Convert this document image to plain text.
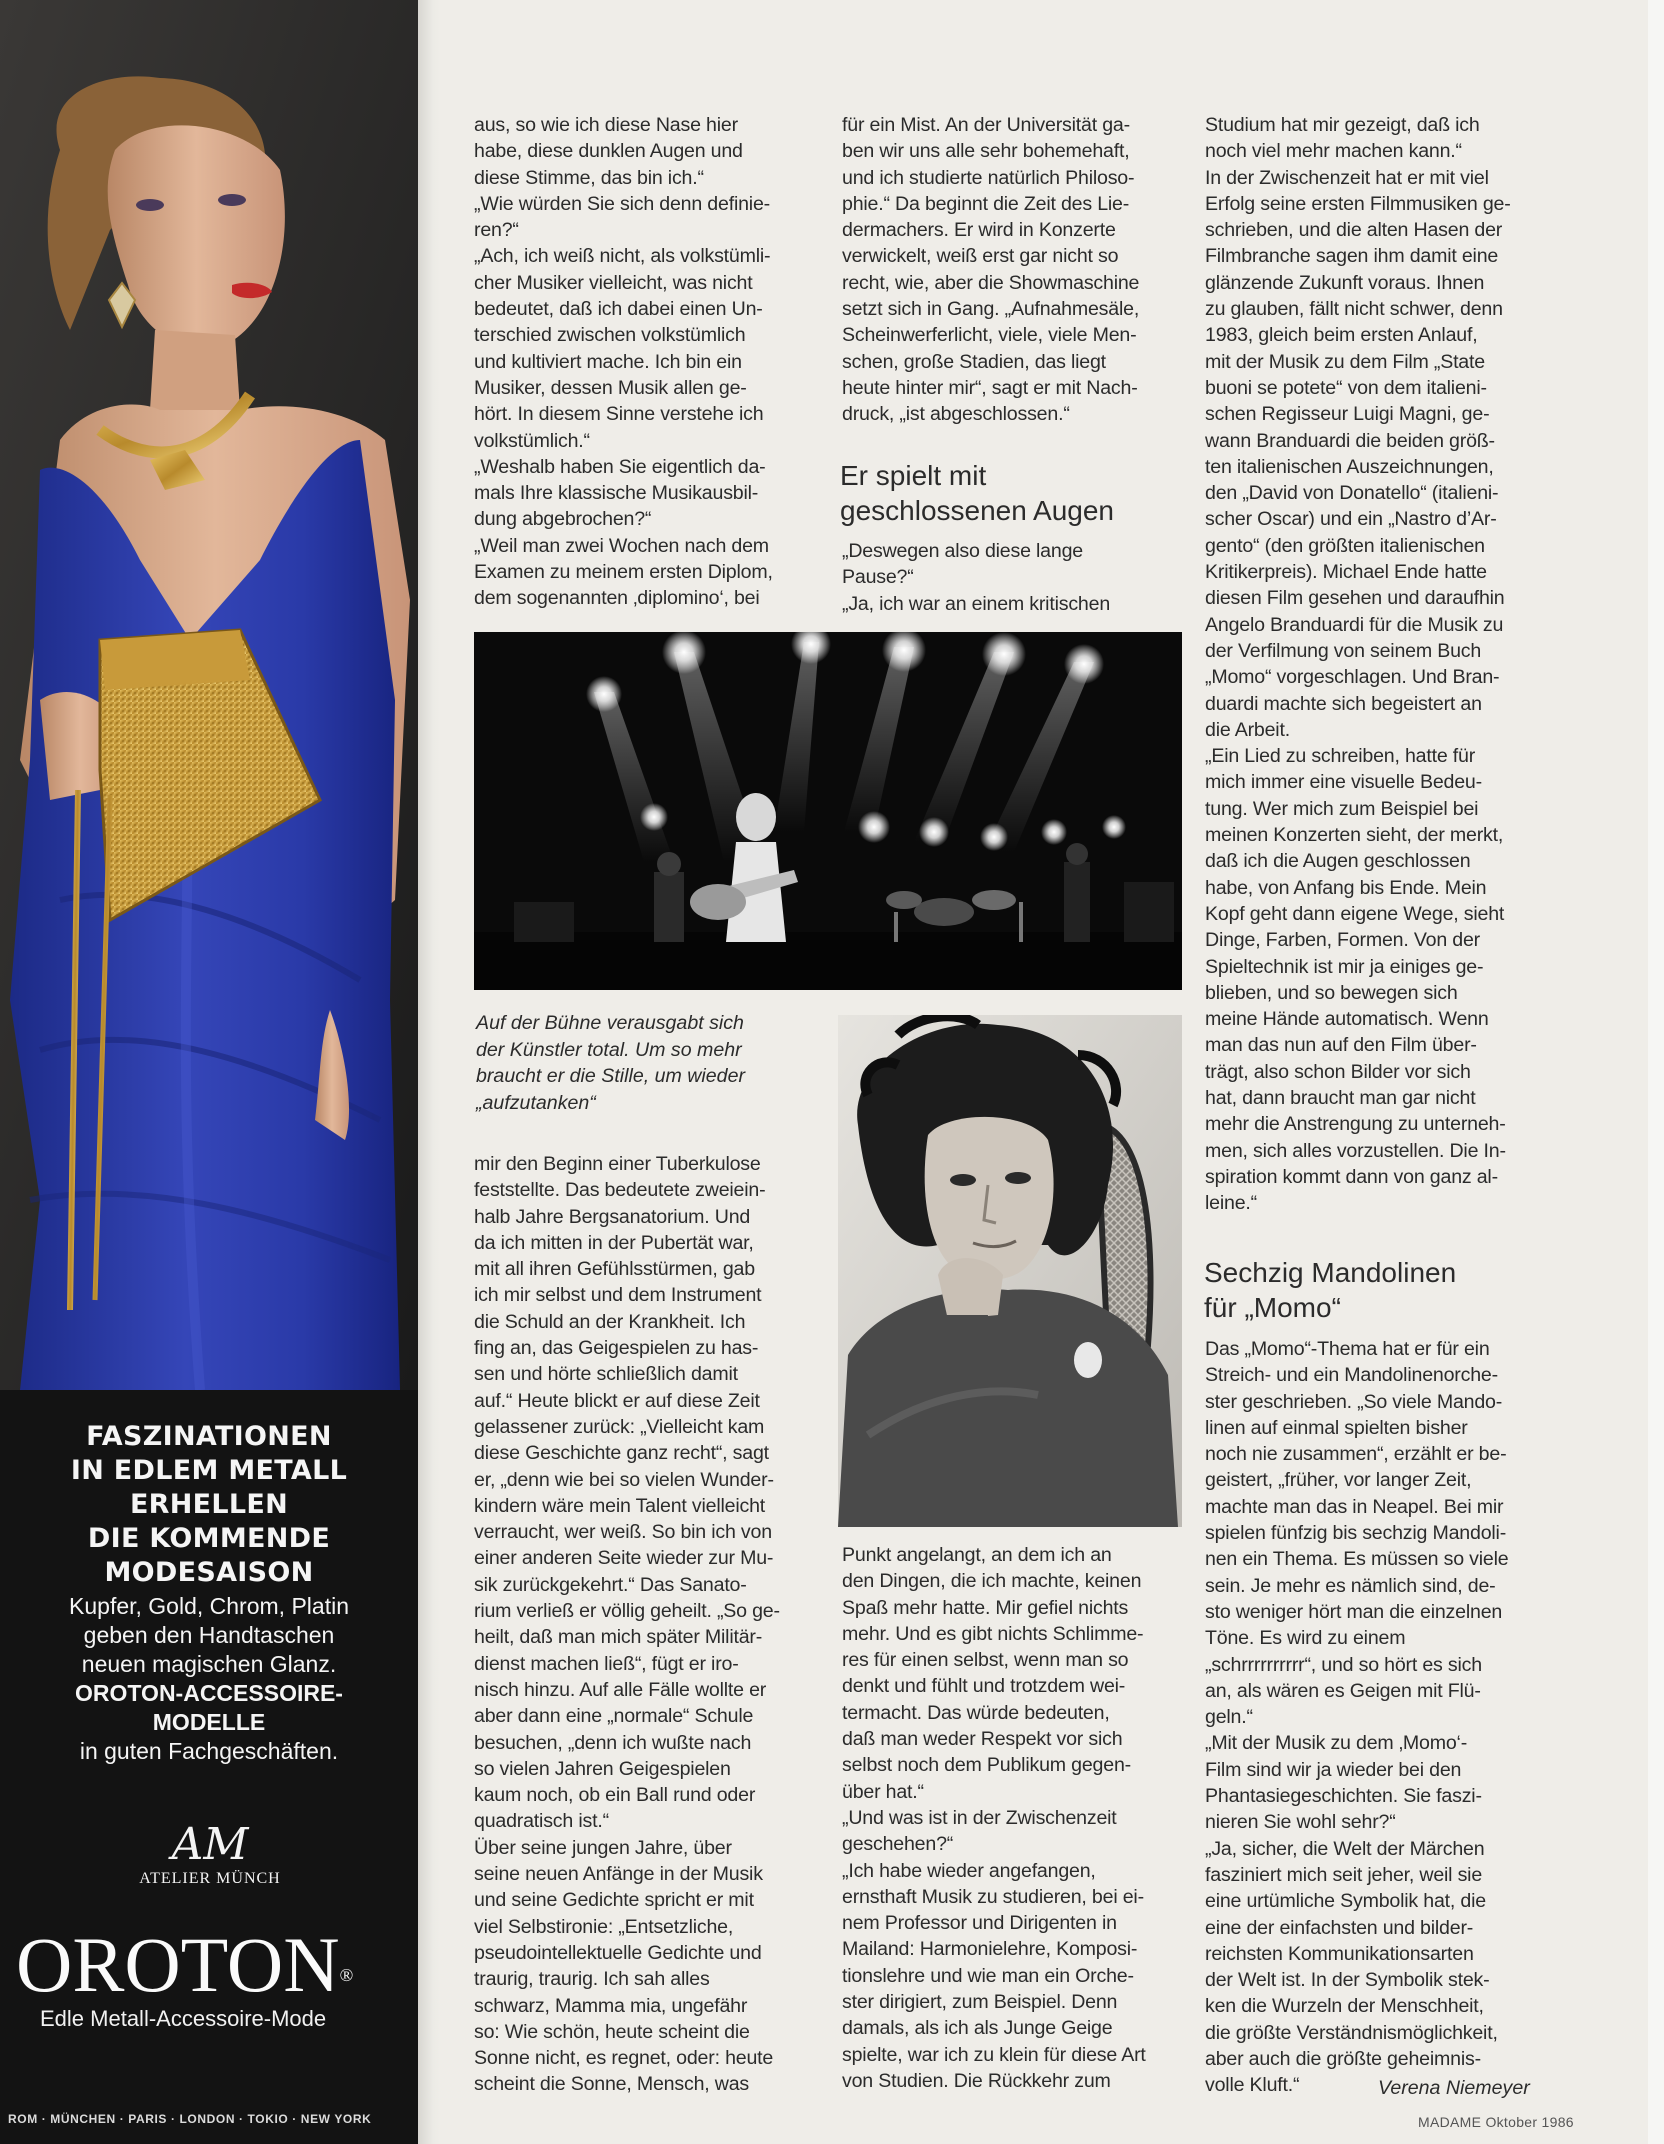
FASZINATIONEN
IN EDLEM METALL
ERHELLEN
DIE KOMMENDE
MODESAISON
Kupfer, Gold, Chrom, Platin
geben den Handtaschen
neuen magischen Glanz.
OROTON-ACCESSOIRE-
MODELLE
in guten Fachgeschäften.
AM
ATELIER MÜNCH
OROTON®
Edle Metall-Accessoire-Mode
ROM · MÜNCHEN · PARIS · LONDON · TOKIO · NEW YORK
aus, so wie ich diese Nase hier
habe, diese dunklen Augen und
diese Stimme, das bin ich.“
„Wie würden Sie sich denn definie-
ren?“
„Ach, ich weiß nicht, als volkstümli-
cher Musiker vielleicht, was nicht
bedeutet, daß ich dabei einen Un-
terschied zwischen volkstümlich
und kultiviert mache. Ich bin ein
Musiker, dessen Musik allen ge-
hört. In diesem Sinne verstehe ich
volkstümlich.“
„Weshalb haben Sie eigentlich da-
mals Ihre klassische Musikausbil-
dung abgebrochen?“
„Weil man zwei Wochen nach dem
Examen zu meinem ersten Diplom,
dem sogenannten ‚diplomino‘, bei
für ein Mist. An der Universität ga-
ben wir uns alle sehr bohemehaft,
und ich studierte natürlich Philoso-
phie.“ Da beginnt die Zeit des Lie-
dermachers. Er wird in Konzerte
verwickelt, weiß erst gar nicht so
recht, wie, aber die Showmaschine
setzt sich in Gang. „Aufnahmesäle,
Scheinwerferlicht, viele, viele Men-
schen, große Stadien, das liegt
heute hinter mir“, sagt er mit Nach-
druck, „ist abgeschlossen.“
Er spielt mit
geschlossenen Augen
„Deswegen also diese lange
Pause?“
„Ja, ich war an einem kritischen
Auf der Bühne verausgabt sich
der Künstler total. Um so mehr
braucht er die Stille, um wieder
„aufzutanken“
mir den Beginn einer Tuberkulose
feststellte. Das bedeutete zweiein-
halb Jahre Bergsanatorium. Und
da ich mitten in der Pubertät war,
mit all ihren Gefühlsstürmen, gab
ich mir selbst und dem Instrument
die Schuld an der Krankheit. Ich
fing an, das Geigespielen zu has-
sen und hörte schließlich damit
auf.“ Heute blickt er auf diese Zeit
gelassener zurück: „Vielleicht kam
diese Geschichte ganz recht“, sagt
er, „denn wie bei so vielen Wunder-
kindern wäre mein Talent vielleicht
verraucht, wer weiß. So bin ich von
einer anderen Seite wieder zur Mu-
sik zurückgekehrt.“ Das Sanato-
rium verließ er völlig geheilt. „So ge-
heilt, daß man mich später Militär-
dienst machen ließ“, fügt er iro-
nisch hinzu. Auf alle Fälle wollte er
aber dann eine „normale“ Schule
besuchen, „denn ich wußte nach
so vielen Jahren Geigespielen
kaum noch, ob ein Ball rund oder
quadratisch ist.“
Über seine jungen Jahre, über
seine neuen Anfänge in der Musik
und seine Gedichte spricht er mit
viel Selbstironie: „Entsetzliche,
pseudointellektuelle Gedichte und
traurig, traurig. Ich sah alles
schwarz, Mamma mia, ungefähr
so: Wie schön, heute scheint die
Sonne nicht, es regnet, oder: heute
scheint die Sonne, Mensch, was
Punkt angelangt, an dem ich an
den Dingen, die ich machte, keinen
Spaß mehr hatte. Mir gefiel nichts
mehr. Und es gibt nichts Schlimme-
res für einen selbst, wenn man so
denkt und fühlt und trotzdem wei-
termacht. Das würde bedeuten,
daß man weder Respekt vor sich
selbst noch dem Publikum gegen-
über hat.“
„Und was ist in der Zwischenzeit
geschehen?“
„Ich habe wieder angefangen,
ernsthaft Musik zu studieren, bei ei-
nem Professor und Dirigenten in
Mailand: Harmonielehre, Komposi-
tionslehre und wie man ein Orche-
ster dirigiert, zum Beispiel. Denn
damals, als ich als Junge Geige
spielte, war ich zu klein für diese Art
von Studien. Die Rückkehr zum
Studium hat mir gezeigt, daß ich
noch viel mehr machen kann.“
In der Zwischenzeit hat er mit viel
Erfolg seine ersten Filmmusiken ge-
schrieben, und die alten Hasen der
Filmbranche sagen ihm damit eine
glänzende Zukunft voraus. Ihnen
zu glauben, fällt nicht schwer, denn
1983, gleich beim ersten Anlauf,
mit der Musik zu dem Film „State
buoni se potete“ von dem italieni-
schen Regisseur Luigi Magni, ge-
wann Branduardi die beiden größ-
ten italienischen Auszeichnungen,
den „David von Donatello“ (italieni-
scher Oscar) und ein „Nastro d’Ar-
gento“ (den größten italienischen
Kritikerpreis). Michael Ende hatte
diesen Film gesehen und daraufhin
Angelo Branduardi für die Musik zu
der Verfilmung von seinem Buch
„Momo“ vorgeschlagen. Und Bran-
duardi machte sich begeistert an
die Arbeit.
„Ein Lied zu schreiben, hatte für
mich immer eine visuelle Bedeu-
tung. Wer mich zum Beispiel bei
meinen Konzerten sieht, der merkt,
daß ich die Augen geschlossen
habe, von Anfang bis Ende. Mein
Kopf geht dann eigene Wege, sieht
Dinge, Farben, Formen. Von der
Spieltechnik ist mir ja einiges ge-
blieben, und so bewegen sich
meine Hände automatisch. Wenn
man das nun auf den Film über-
trägt, also schon Bilder vor sich
hat, dann braucht man gar nicht
mehr die Anstrengung zu unterneh-
men, sich alles vorzustellen. Die In-
spiration kommt dann von ganz al-
leine.“
Sechzig Mandolinen
für „Momo“
Das „Momo“-Thema hat er für ein
Streich- und ein Mandolinenorche-
ster geschrieben. „So viele Mando-
linen auf einmal spielten bisher
noch nie zusammen“, erzählt er be-
geistert, „früher, vor langer Zeit,
machte man das in Neapel. Bei mir
spielen fünfzig bis sechzig Mandoli-
nen ein Thema. Es müssen so viele
sein. Je mehr es nämlich sind, de-
sto weniger hört man die einzelnen
Töne. Es wird zu einem
„schrrrrrrrrrr“, und so hört es sich
an, als wären es Geigen mit Flü-
geln.“
„Mit der Musik zu dem ‚Momo‘-
Film sind wir ja wieder bei den
Phantasiegeschichten. Sie faszi-
nieren Sie wohl sehr?“
„Ja, sicher, die Welt der Märchen
fasziniert mich seit jeher, weil sie
eine urtümliche Symbolik hat, die
eine der einfachsten und bilder-
reichsten Kommunikationsarten
der Welt ist. In der Symbolik stek-
ken die Wurzeln der Menschheit,
die größte Verständnismöglichkeit,
aber auch die größte geheimnis-
volle Kluft.“	Verena Niemeyer
MADAME Oktober 1986
